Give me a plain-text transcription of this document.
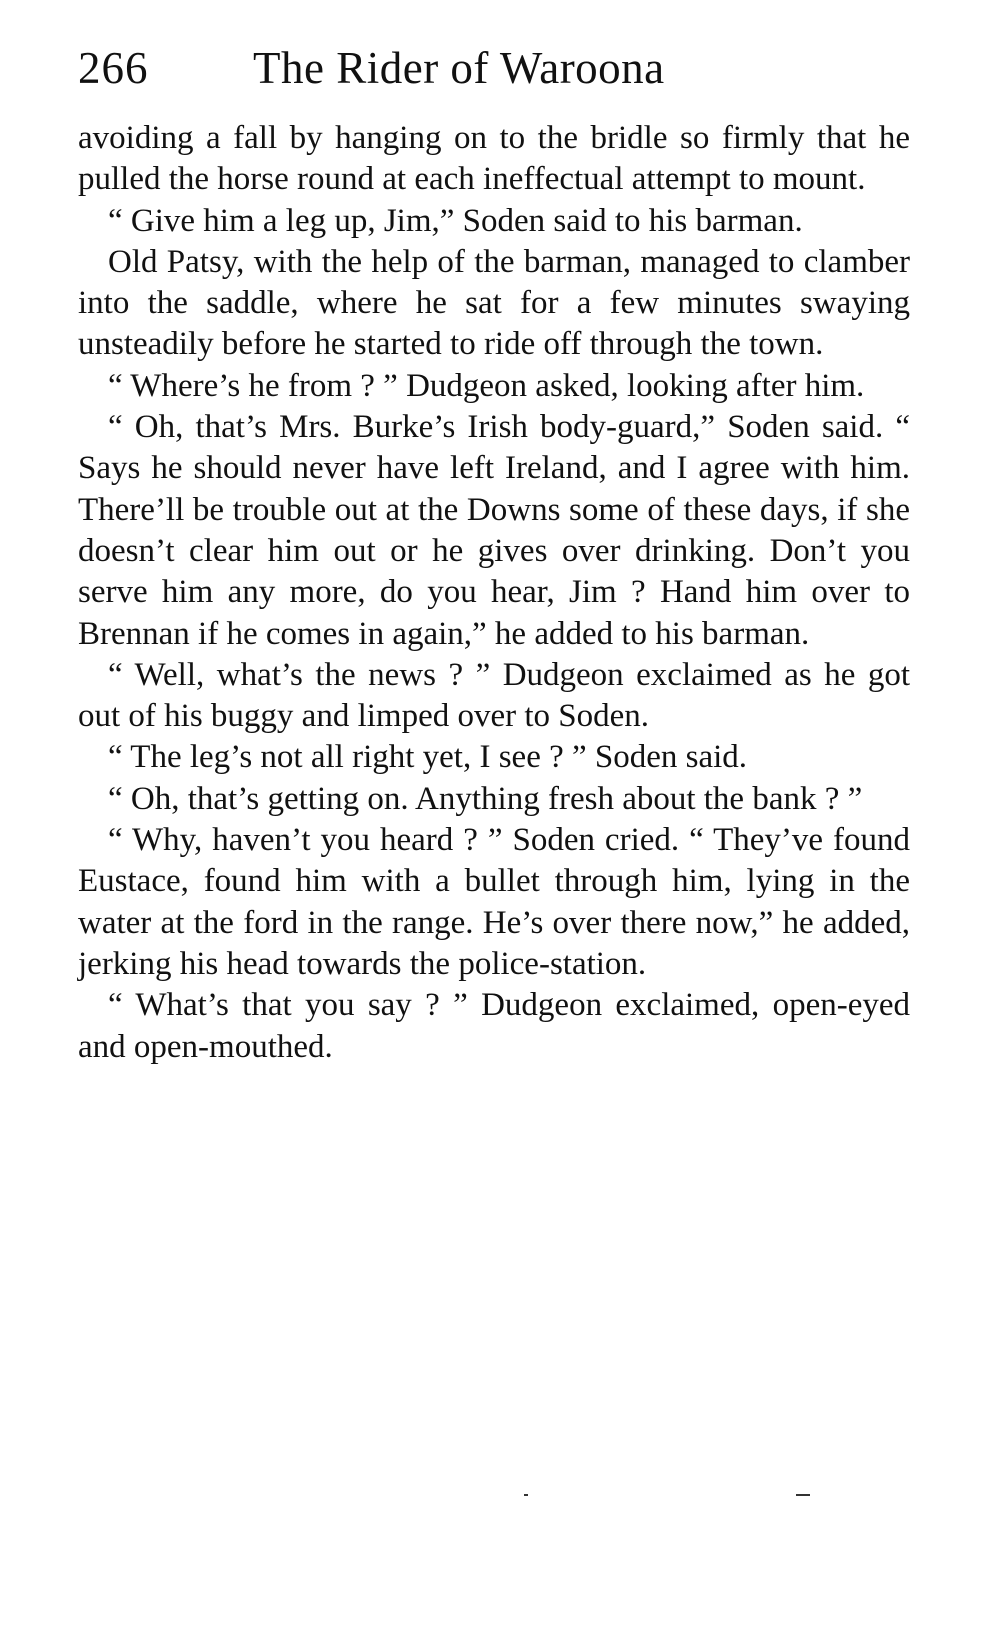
266	The Rider of Waroona

avoiding a fall by hanging on to the bridle so firmly that he pulled the horse round at each ineffectual attempt to mount.

“ Give him a leg up, Jim,” Soden said to his barman.

Old Patsy, with the help of the barman, managed to clamber into the saddle, where he sat for a few minutes swaying unsteadily before he started to ride off through the town.

“ Where’s he from ? ” Dudgeon asked, looking after him.

“ Oh, that’s Mrs. Burke’s Irish body-guard,” Soden said. “ Says he should never have left Ireland, and I agree with him. There’ll be trouble out at the Downs some of these days, if she doesn’t clear him out or he gives over drinking. Don’t you serve him any more, do you hear, Jim ? Hand him over to Brennan if he comes in again,” he added to his barman.

“ Well, what’s the news ? ” Dudgeon exclaimed as he got out of his buggy and limped over to Soden.

“ The leg’s not all right yet, I see ? ” Soden said.

“ Oh, that’s getting on. Anything fresh about the bank ? ”

“ Why, haven’t you heard ? ” Soden cried. “ They’ve found Eustace, found him with a bullet through him, lying in the water at the ford in the range. He’s over there now,” he added, jerking his head towards the police-station.

“ What’s that you say ? ” Dudgeon exclaimed, open-eyed and open-mouthed.
